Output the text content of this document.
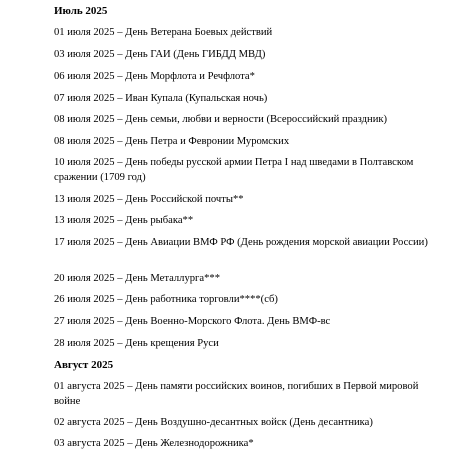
Июль 2025
01 июля 2025 – День Ветерана Боевых действий
03 июля 2025 – День ГАИ (День ГИБДД МВД)
06 июля 2025 – День Морфлота и Речфлота*
07 июля 2025 – Иван Купала (Купальская ночь)
08 июля 2025 – День семьи, любви и верности (Всероссийский праздник)
08 июля 2025 – День Петра и Февронии Муромских
10 июля 2025 – День победы русской армии Петра I над шведами в Полтавском сражении (1709 год)
13 июля 2025 – День Российской почты**
13 июля 2025 – День рыбака**
17 июля 2025 – День Авиации ВМФ РФ (День рождения морской авиации России)
20 июля 2025 – День Металлурга***
26 июля 2025 – День работника торговли****(сб)
27 июля 2025 – День Военно-Морского Флота. День ВМФ-вс
28 июля 2025 – День крещения Руси
Август 2025
01 августа 2025 – День памяти российских воинов, погибших в Первой мировой войне
02 августа 2025 – День Воздушно-десантных войск (День десантника)
03 августа 2025 – День Железнодорожника*
